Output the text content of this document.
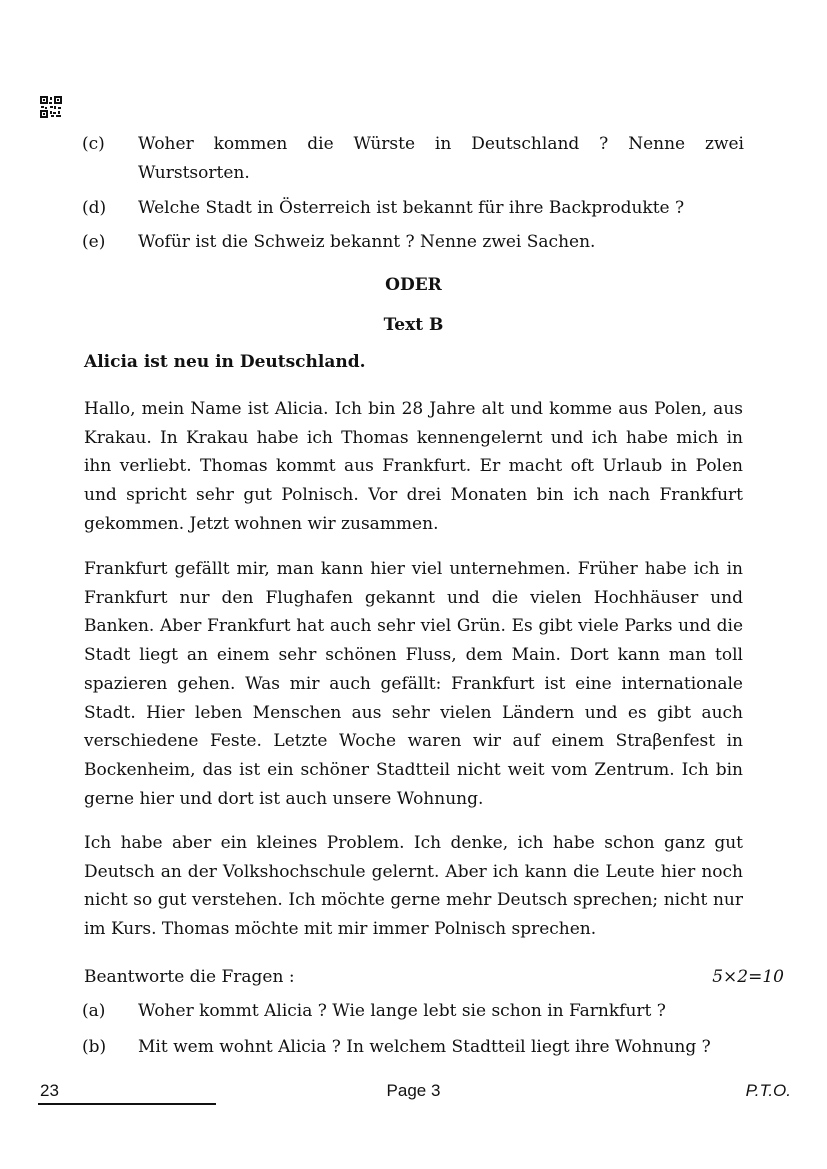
(c)	Woher kommen die Würste in Deutschland ? Nenne zwei
Wurstsorten.
(d)	Welche Stadt in Österreich ist bekannt für ihre Backprodukte ?
(e)	Wofür ist die Schweiz bekannt ? Nenne zwei Sachen.
ODER
Text B
Alicia ist neu in Deutschland.

Hallo, mein Name ist Alicia. Ich bin 28 Jahre alt und komme aus Polen, aus Krakau. In Krakau habe ich Thomas kennengelernt und ich habe mich in ihn verliebt. Thomas kommt aus Frankfurt. Er macht oft Urlaub in Polen und spricht sehr gut Polnisch. Vor drei Monaten bin ich nach Frankfurt gekommen. Jetzt wohnen wir zusammen.

Frankfurt gefällt mir, man kann hier viel unternehmen. Früher habe ich in Frankfurt nur den Flughafen gekannt und die vielen Hochhäuser und Banken. Aber Frankfurt hat auch sehr viel Grün. Es gibt viele Parks und die Stadt liegt an einem sehr schönen Fluss, dem Main. Dort kann man toll spazieren gehen. Was mir auch gefällt: Frankfurt ist eine internationale Stadt. Hier leben Menschen aus sehr vielen Ländern und es gibt auch verschiedene Feste. Letzte Woche waren wir auf einem Straβenfest in Bockenheim, das ist ein schöner Stadtteil nicht weit vom Zentrum. Ich bin gerne hier und dort ist auch unsere Wohnung.

Ich habe aber ein kleines Problem. Ich denke, ich habe schon ganz gut Deutsch an der Volkshochschule gelernt. Aber ich kann die Leute hier noch nicht so gut verstehen. Ich möchte gerne mehr Deutsch sprechen; nicht nur im Kurs. Thomas möchte mit mir immer Polnisch sprechen.

Beantworte die Fragen :	5×2=10
(a)	Woher kommt Alicia ? Wie lange lebt sie schon in Farnkfurt ?
(b)	Mit wem wohnt Alicia ? In welchem Stadtteil liegt ihre Wohnung ?
23	Page 3	P.T.O.
